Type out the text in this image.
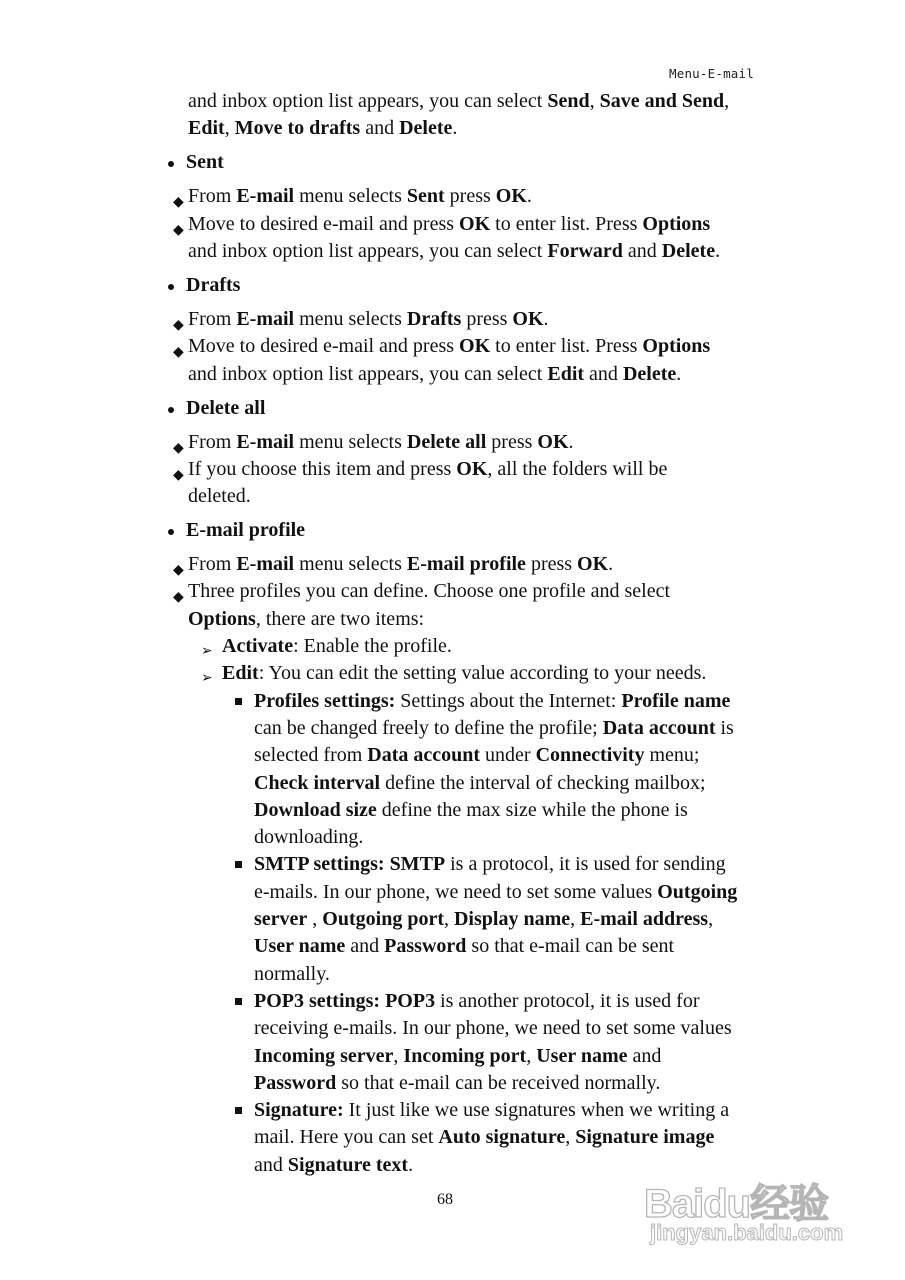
Menu-E-mail
and inbox option list appears, you can select Send, Save and Send,
Edit, Move to drafts and Delete.
Sent
◆ From E-mail menu selects Sent press OK.
◆ Move to desired e-mail and press OK to enter list. Press Options
and inbox option list appears, you can select Forward and Delete.
Drafts
◆ From E-mail menu selects Drafts press OK.
◆ Move to desired e-mail and press OK to enter list. Press Options
and inbox option list appears, you can select Edit and Delete.
Delete all
◆ From E-mail menu selects Delete all press OK.
◆ If you choose this item and press OK, all the folders will be
deleted.
E-mail profile
◆ From E-mail menu selects E-mail profile press OK.
◆ Three profiles you can define. Choose one profile and select
Options, there are two items:
➢ Activate: Enable the profile.
➢ Edit: You can edit the setting value according to your needs.
Profiles settings: Settings about the Internet: Profile name
can be changed freely to define the profile; Data account is
selected from Data account under Connectivity menu;
Check interval define the interval of checking mailbox;
Download size define the max size while the phone is
downloading.
SMTP settings: SMTP is a protocol, it is used for sending
e-mails. In our phone, we need to set some values Outgoing
server , Outgoing port, Display name, E-mail address,
User name and Password so that e-mail can be sent
normally.
POP3 settings: POP3 is another protocol, it is used for
receiving e-mails. In our phone, we need to set some values
Incoming server, Incoming port, User name and
Password so that e-mail can be received normally.
Signature: It just like we use signatures when we writing a
mail. Here you can set Auto signature, Signature image
and Signature text.
68	Baidu经验
jingyan.baidu.com
